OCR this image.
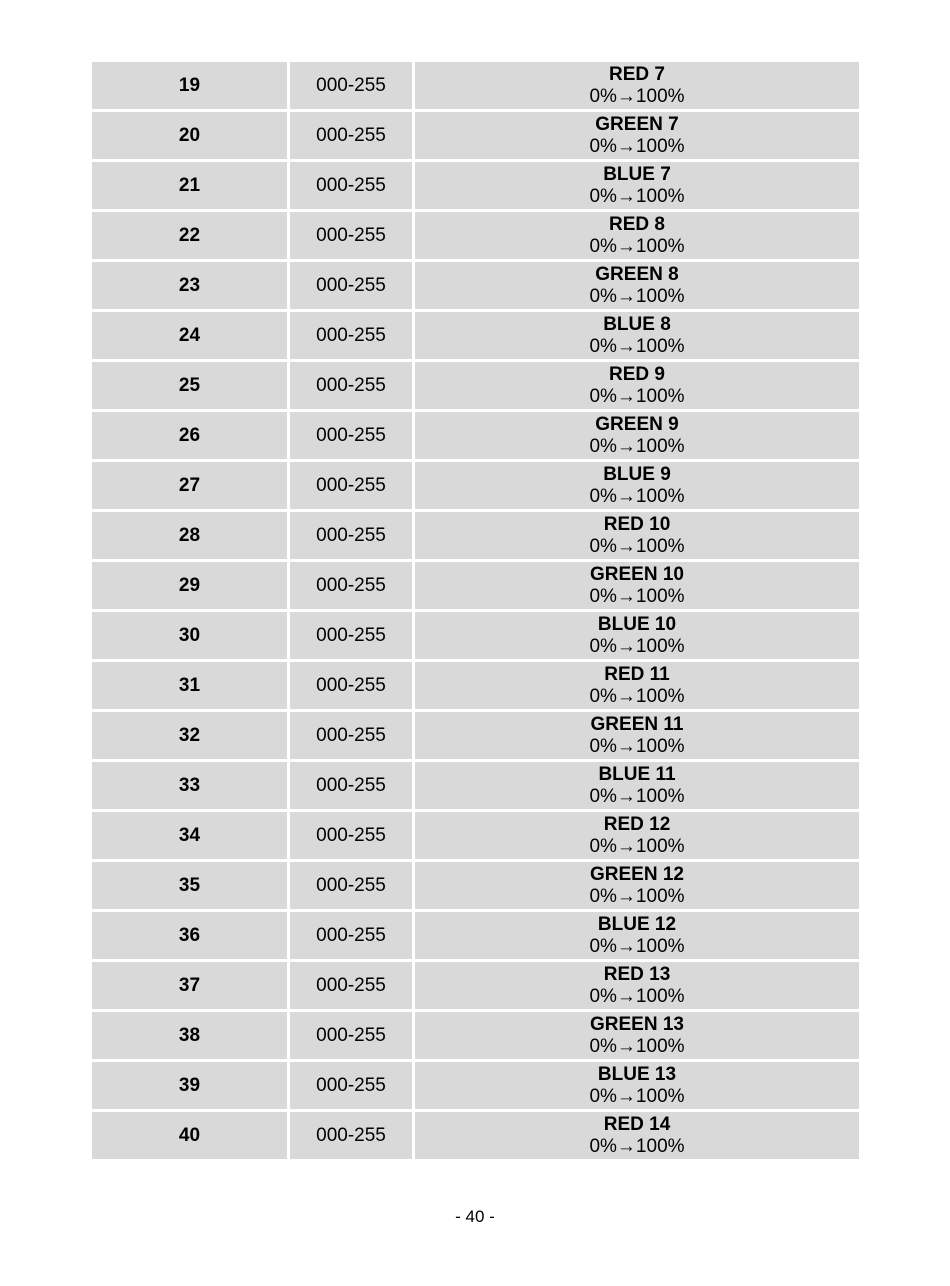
19	000-255	RED 7
0%→100%

20	000-255	GREEN 7
0%→100%

21	000-255	BLUE 7
0%→100%

22	000-255	RED 8
0%→100%

23	000-255	GREEN 8
0%→100%

24	000-255	BLUE 8
0%→100%

25	000-255	RED 9
0%→100%

26	000-255	GREEN 9
0%→100%

27	000-255	BLUE 9
0%→100%

28	000-255	RED 10
0%→100%

29	000-255	GREEN 10
0%→100%

30	000-255	BLUE 10
0%→100%

31	000-255	RED 11
0%→100%

32	000-255	GREEN 11
0%→100%

33	000-255	BLUE 11
0%→100%

34	000-255	RED 12
0%→100%

35	000-255	GREEN 12
0%→100%

36	000-255	BLUE 12
0%→100%

37	000-255	RED 13
0%→100%

38	000-255	GREEN 13
0%→100%

39	000-255	BLUE 13
0%→100%

40	000-255	RED 14
0%→100%
- 40 -
